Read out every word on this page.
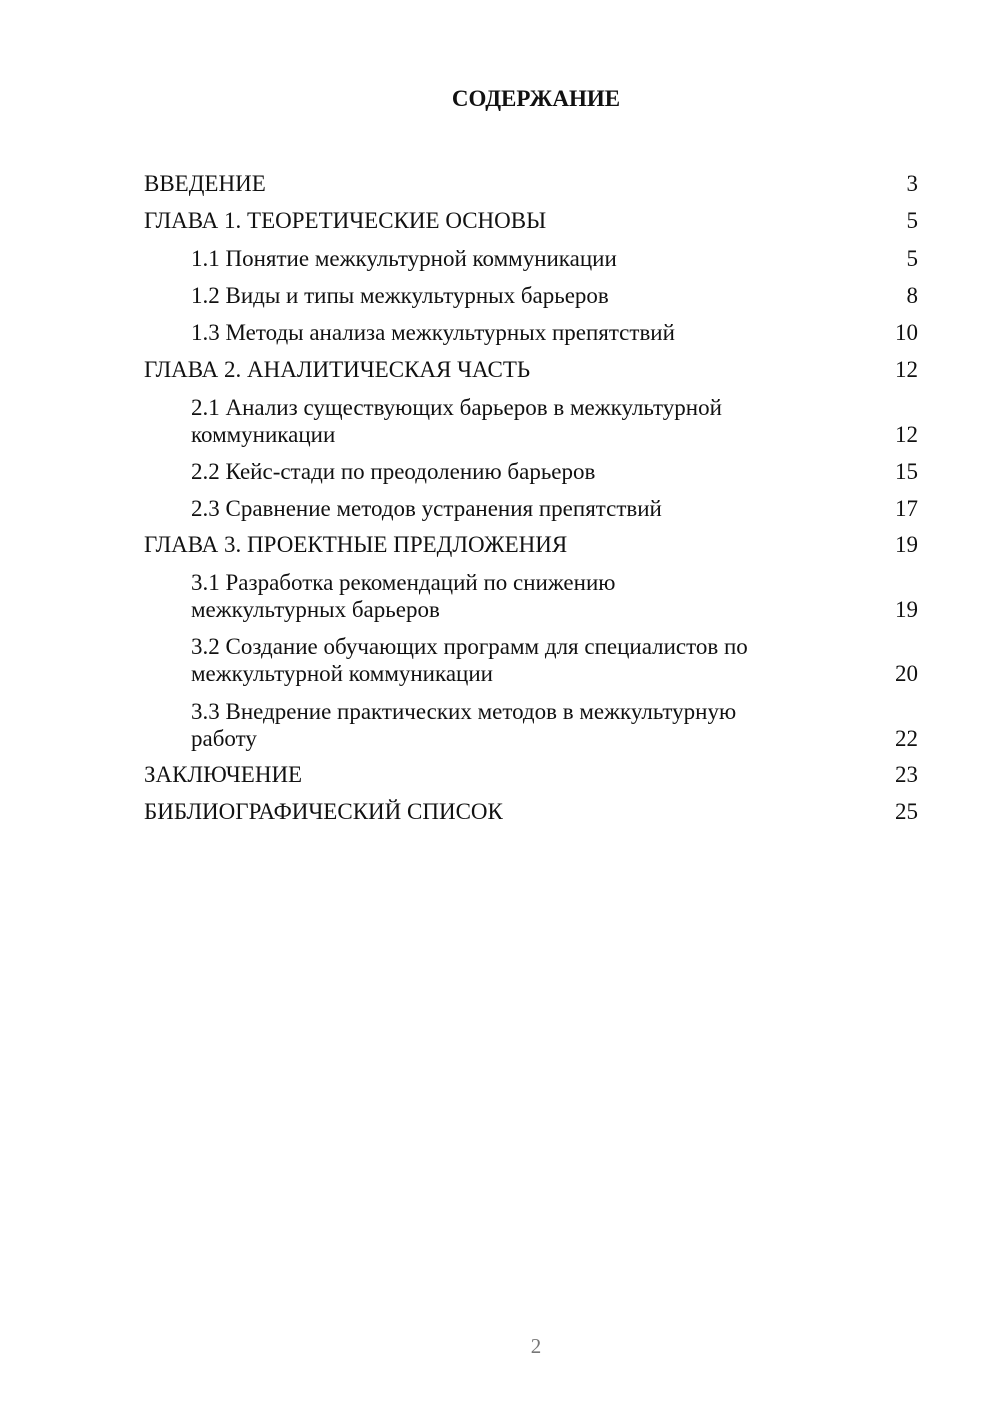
СОДЕРЖАНИЕ
ВВЕДЕНИЕ	3
ГЛАВА 1. ТЕОРЕТИЧЕСКИЕ ОСНОВЫ	5
1.1 Понятие межкультурной коммуникации	5
1.2 Виды и типы межкультурных барьеров	8
1.3 Методы анализа межкультурных препятствий	10
ГЛАВА 2. АНАЛИТИЧЕСКАЯ ЧАСТЬ	12
2.1 Анализ существующих барьеров в межкультурной
коммуникации	12
2.2 Кейс-стади по преодолению барьеров	15
2.3 Сравнение методов устранения препятствий	17
ГЛАВА 3. ПРОЕКТНЫЕ ПРЕДЛОЖЕНИЯ	19
3.1 Разработка рекомендаций по снижению
межкультурных барьеров	19
3.2 Создание обучающих программ для специалистов по
межкультурной коммуникации	20
3.3 Внедрение практических методов в межкультурную
работу	22
ЗАКЛЮЧЕНИЕ	23
БИБЛИОГРАФИЧЕСКИЙ СПИСОК	25
2
